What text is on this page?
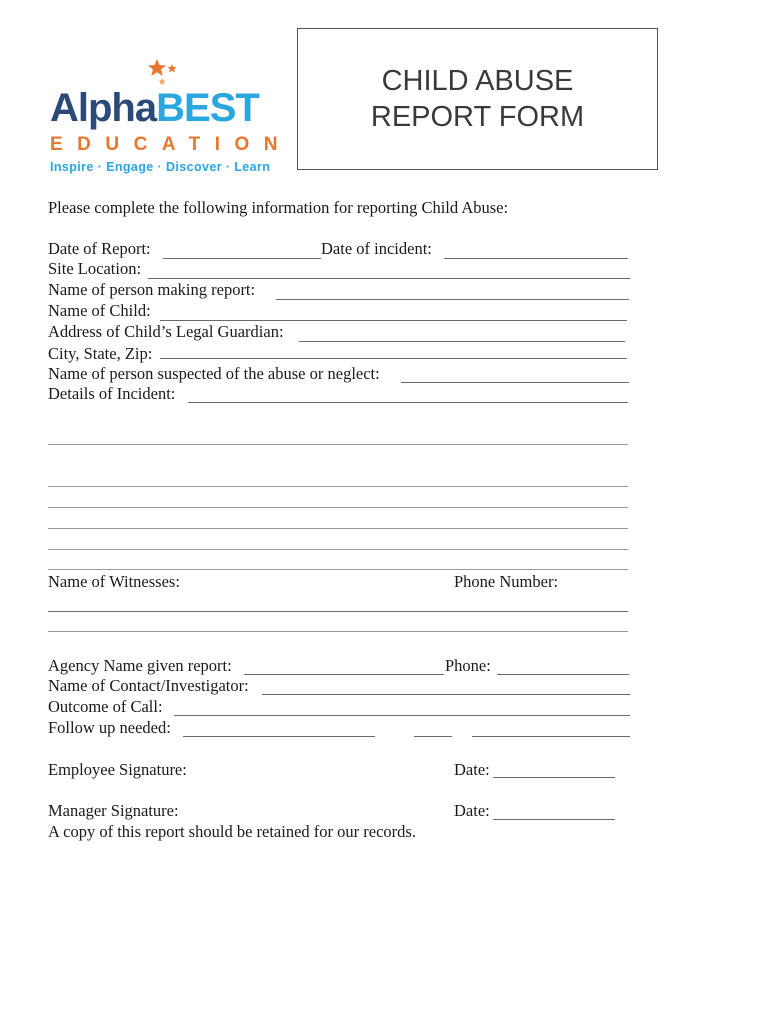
AlphaBEST
EDUCATION
Inspire · Engage · Discover · Learn
CHILD ABUSE
REPORT FORM
Please complete the following information for reporting Child Abuse:
Date of Report:	Date of incident:
Site Location:
Name of person making report:
Name of Child:
Address of Child’s Legal Guardian:
City, State, Zip:
Name of person suspected of the abuse or neglect:
Details of Incident:
Name of Witnesses:	Phone Number:
Agency Name given report:	Phone:
Name of Contact/Investigator:
Outcome of Call:
Follow up needed:
Employee Signature:	Date:
Manager Signature:	Date:
A copy of this report should be retained for our records.
